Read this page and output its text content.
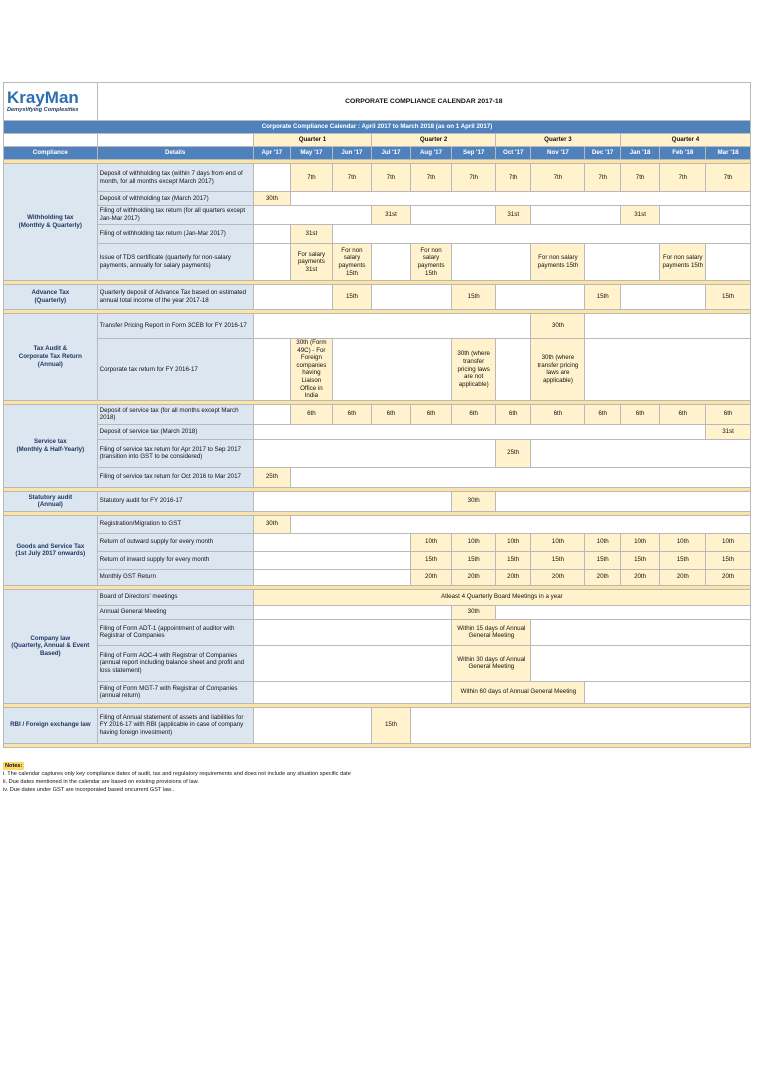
KrayMan
Demystifying Complexities	CORPORATE COMPLIANCE CALENDAR 2017-18												
Corporate Compliance Calendar : April 2017 to March 2018 (as on 1 April 2017)													
		Quarter 1			Quarter 2			Quarter 3			Quarter 4		
Compliance	Details	Apr '17	May '17	Jun '17	Jul '17	Aug '17	Sep '17	Oct '17	Nov '17	Dec '17	Jan '18	Feb '18	Mar '18

Withholding tax
(Monthly & Quarterly)	Deposit of withholding tax (within 7 days from end of month, for all months except March 2017)		7th	7th	7th	7th	7th	7th	7th	7th	7th	7th	7th
	Deposit of withholding tax (March 2017)	30th											
	Filing of withholding tax return (for all quarters except Jan-Mar 2017)				31st			31st			31st		
	Filing of withholding tax return (Jan-Mar 2017)		31st										
	Issue of TDS certificate (quarterly for non-salary payments, annually for salary payments)		For salary payments 31st	For non salary payments 15th		For non salary payments 15th			For non salary payments 15th			For non salary payments 15th	

Advance Tax
(Quarterly)	Quarterly deposit of Advance Tax based on estimated annual total income of the year 2017-18			15th			15th			15th			15th

Tax Audit &
Corporate Tax Return
(Annual)	Transfer Pricing Report in Form 3CEB for FY 2016-17								30th				
	Corporate tax return for FY 2016-17		30th (Form 49C) - For Foreign companies having Liaison Office in India				30th (where transfer pricing laws are not applicable)		30th (where transfer pricing laws are applicable)				

Service tax
(Monthly & Half-Yearly)	Deposit of service tax (for all months except March 2018)		6th	6th	6th	6th	6th	6th	6th	6th	6th	6th	6th
	Deposit of service tax (March 2018)												31st
	Filing of service tax return for Apr 2017 to Sep 2017 (transition into GST to be considered)							25th					
	Filing of service tax return for Oct 2016 to Mar 2017	25th											

Statutory audit
(Annual)	Statutory audit for FY 2016-17						30th						

Goods and Service Tax
(1st July 2017 onwards)	Registration/Migration to GST	30th											
	Return of outward supply for every month					10th	10th	10th	10th	10th	10th	10th	10th
	Return of inward supply for every month					15th	15th	15th	15th	15th	15th	15th	15th
	Monthly GST Return					20th	20th	20th	20th	20th	20th	20th	20th

Company law
(Quarterly, Annual & Event Based)	Board of Directors' meetings	Atleast 4 Quarterly Board Meetings in a year											
	Annual General Meeting						30th						
	Filing of Form ADT-1 (appointment of auditor with Registrar of Companies						Within 15 days of Annual General Meeting						
	Filing of Form AOC-4 with Registrar of Companies (annual report including balance sheet and profit and loss statement)						Within 30 days of Annual General Meeting						
	Filing of Form MGT-7 with Registrar of Companies (annual return)						Within 60 days of Annual General Meeting						

RBI / Foreign exchange law	Filing of Annual statement of assets and liabilities for FY 2016-17 with RBI (applicable in case of company having foreign investment)				15th								

Notes:
i. The calendar captures only key compliance dates of audit, tax and regulatory requirements and does not include any situation specific date
ii. Due dates mentioned in the calendar are based on existing provisions of law.
iv. Due dates under GST are incorporated based oncurrent GST law..
